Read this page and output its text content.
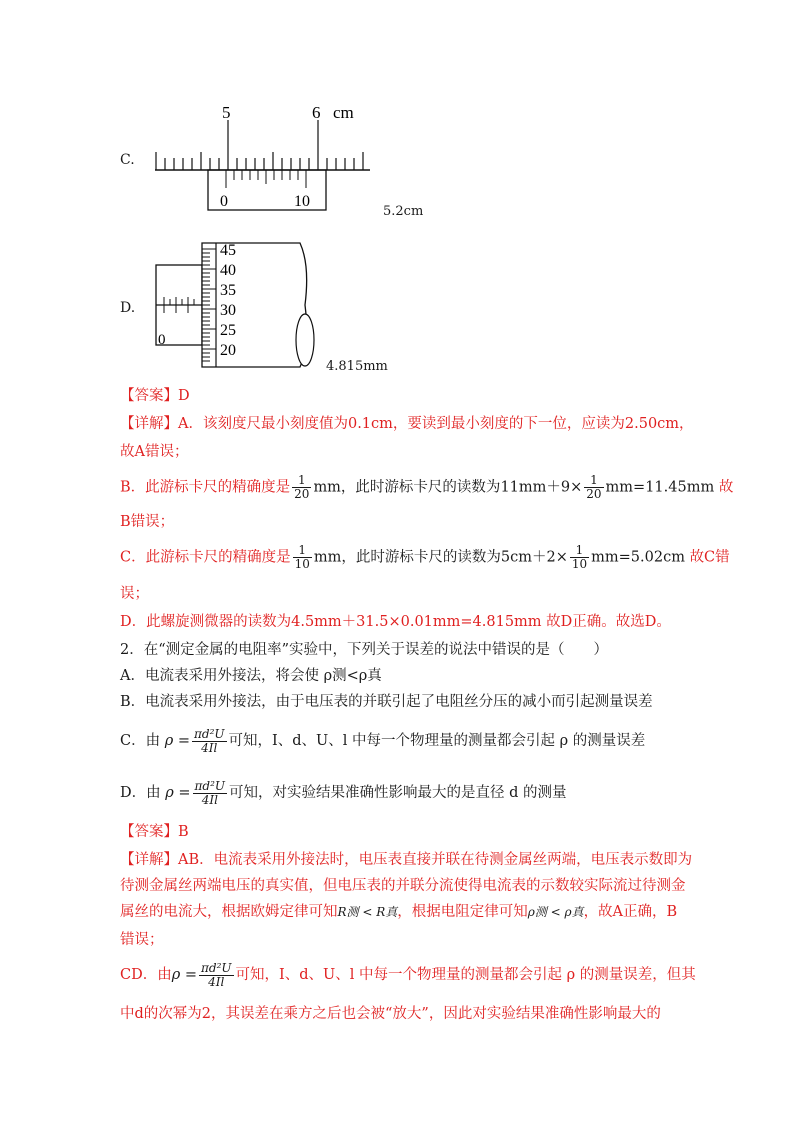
C.
5	6 cm
0	10
5.2cm
D.
0
45
40
35
30
25
20
4.815mm
【答案】D
【详解】A．该刻度尺最小刻度值为0.1cm，要读到最小刻度的下一位，应读为2.50cm，
故A错误；
B．此游标卡尺的精确度是 $\frac{1}{20}$ mm，此时游标卡尺的读数为$11mm+9\times \frac{1}{20} mm=11.45mm$ 故
B错误；
C．此游标卡尺的精确度是 $\frac{1}{10}$ mm，此时游标卡尺的读数为$5cm+2\times \frac{1}{10} mm=5.02cm$ 故C错
误；
D．此螺旋测微器的读数为4.5mm＋31.5×0.01mm=4.815mm 故D正确。故选D。
2．在“测定金属的电阻率”实验中，下列关于误差的说法中错误的是（　　）
A．电流表采用外接法，将会使 ρ测<ρ真
B．电流表采用外接法，由于电压表的并联引起了电阻丝分压的减小而引起测量误差
C．由 $\rho = \frac{\text{πd²U}}{4Il}$ 可知，I、d、U、l 中每一个物理量的测量都会引起 ρ 的测量误差
D．由 $\rho = \frac{\text{πd²U}}{4Il}$ 可知，对实验结果准确性影响最大的是直径 d 的测量
【答案】B
【详解】AB．电流表采用外接法时，电压表直接并联在待测金属丝两端，电压表示数即为
待测金属丝两端电压的真实值，但电压表的并联分流使得电流表的示数较实际流过待测金
属丝的电流大，根据欧姆定律可知R测 < R真，根据电阻定律可知ρ测 < ρ真，故A正确，B
错误；
CD．由$\rho = \frac{\text{πd²U}}{4Il}$ 可知，I、d、U、l 中每一个物理量的测量都会引起 ρ 的测量误差，但其
中d的次幂为2，其误差在乘方之后也会被“放大”，因此对实验结果准确性影响最大的
